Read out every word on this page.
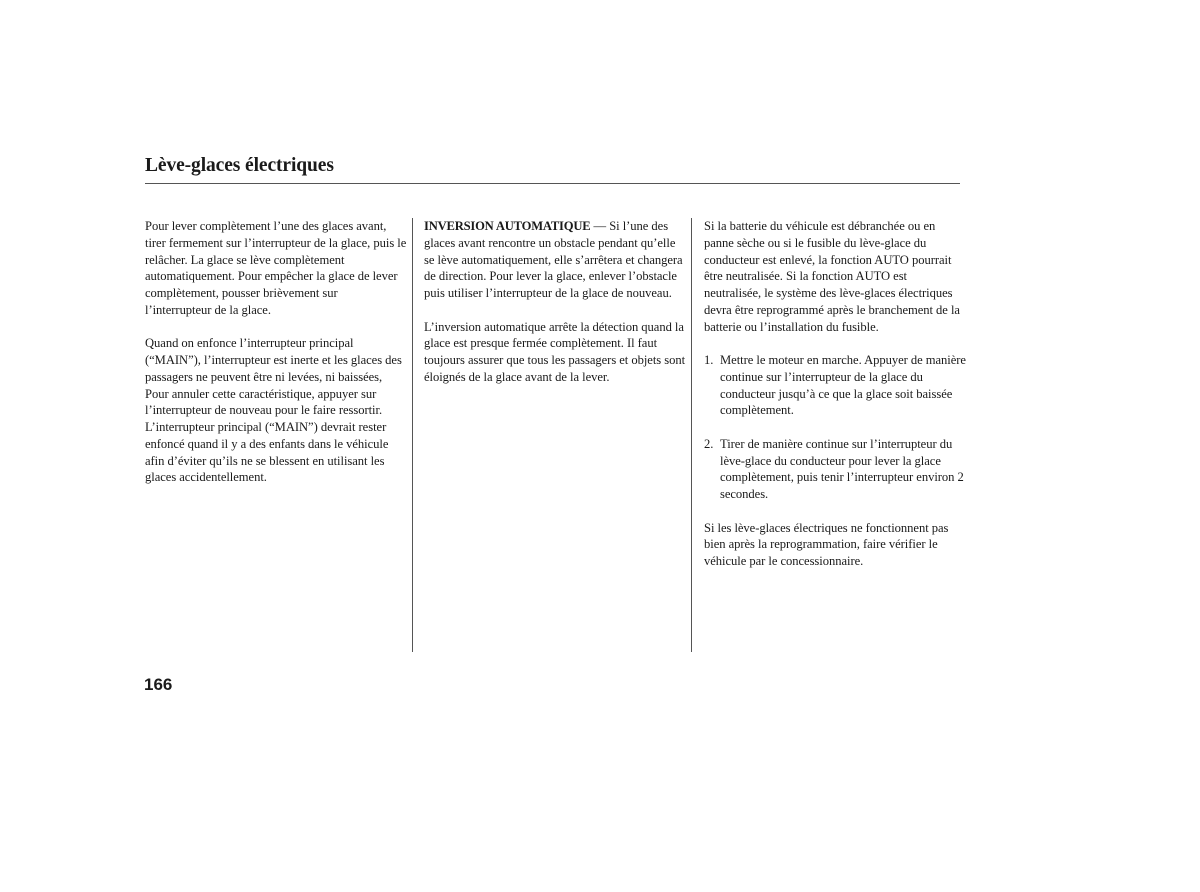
Lève-glaces électriques

Pour lever complètement l’une des glaces avant, tirer fermement sur l’interrupteur de la glace, puis le relâcher. La glace se lève complètement automatiquement. Pour empêcher la glace de lever complètement, pousser brièvement sur l’interrupteur de la glace.

Quand on enfonce l’interrupteur principal (“MAIN”), l’interrupteur est inerte et les glaces des passagers ne peuvent être ni levées, ni baissées, Pour annuler cette caractéristique, appuyer sur l’interrupteur de nouveau pour le faire ressortir. L’interrupteur principal (“MAIN”) devrait rester enfoncé quand il y a des enfants dans le véhicule afin d’éviter qu’ils ne se blessent en utilisant les glaces accidentellement.

INVERSION AUTOMATIQUE — Si l’une des glaces avant rencontre un obstacle pendant qu’elle se lève automatiquement, elle s’arrêtera et changera de direction. Pour lever la glace, enlever l’obstacle puis utiliser l’interrupteur de la glace de nouveau.

L’inversion automatique arrête la détection quand la glace est presque fermée complètement. Il faut toujours assurer que tous les passagers et objets sont éloignés de la glace avant de la lever.

Si la batterie du véhicule est débranchée ou en panne sèche ou si le fusible du lève-glace du conducteur est enlevé, la fonction AUTO pourrait être neutralisée. Si la fonction AUTO est neutralisée, le système des lève-glaces électriques devra être reprogrammé après le branchement de la batterie ou l’installation du fusible.

1. Mettre le moteur en marche. Appuyer de manière continue sur l’interrupteur de la glace du conducteur jusqu’à ce que la glace soit baissée complètement.
2. Tirer de manière continue sur l’interrupteur du lève-glace du conducteur pour lever la glace complètement, puis tenir l’interrupteur environ 2 secondes.

Si les lève-glaces électriques ne fonctionnent pas bien après la reprogrammation, faire vérifier le véhicule par le concessionnaire.

166
